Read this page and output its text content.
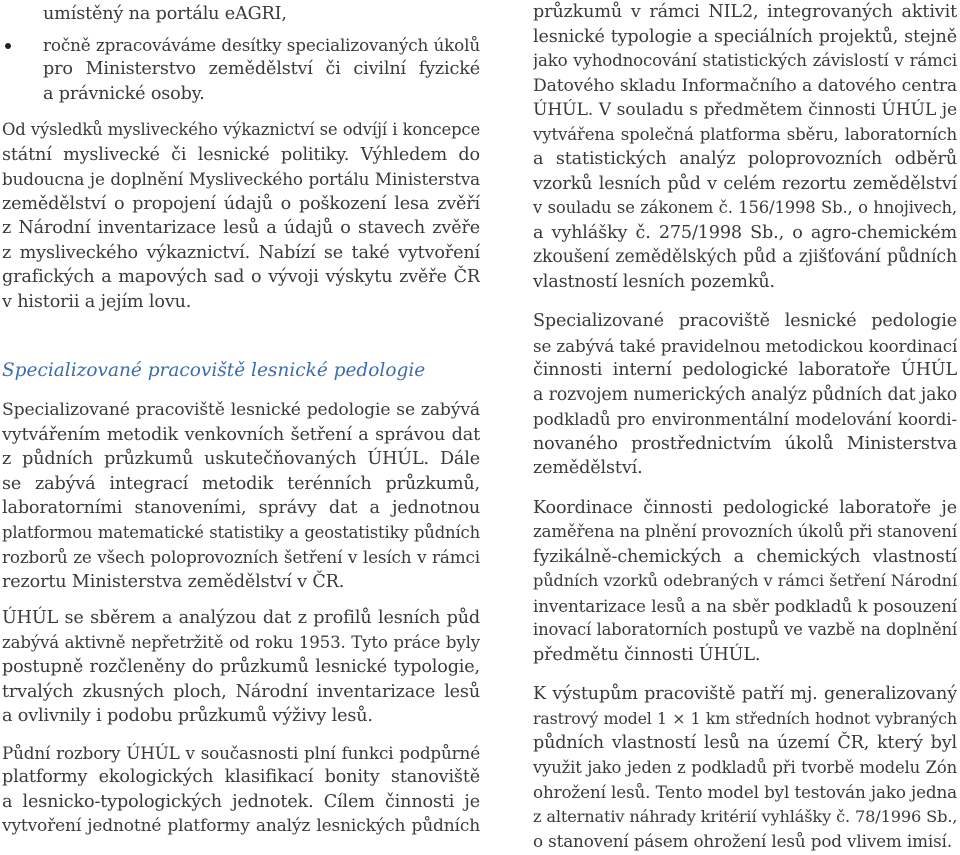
umístěný na portálu eAGRI,
ročně zpracováváme desítky specializovaných úkolů
pro Ministerstvo zemědělství či civilní fyzické
a právnické osoby.
Od výsledků mysliveckého výkaznictví se odvíjí i koncepce
státní myslivecké či lesnické politiky. Výhledem do
budoucna je doplnění Mysliveckého portálu Ministerstva
zemědělství o propojení údajů o poškození lesa zvěří
z Národní inventarizace lesů a údajů o stavech zvěře
z mysliveckého výkaznictví. Nabízí se také vytvoření
grafických a mapových sad o vývoji výskytu zvěře ČR
v historii a jejím lovu.
Specializované pracoviště lesnické pedologie
Specializované pracoviště lesnické pedologie se zabývá
vytvářením metodik venkovních šetření a správou dat
z půdních průzkumů uskutečňovaných ÚHÚL. Dále
se zabývá integrací metodik terénních průzkumů,
laboratorními stanoveními, správy dat a jednotnou
platformou matematické statistiky a geostatistiky půdních
rozborů ze všech poloprovozních šetření v lesích v rámci
rezortu Ministerstva zemědělství v ČR.
ÚHÚL se sběrem a analýzou dat z profilů lesních půd
zabývá aktivně nepřetržitě od roku 1953. Tyto práce byly
postupně rozčleněny do průzkumů lesnické typologie,
trvalých zkusných ploch, Národní inventarizace lesů
a ovlivnily i podobu průzkumů výživy lesů.
Půdní rozbory ÚHÚL v současnosti plní funkci podpůrné
platformy ekologických klasifikací bonity stanoviště
a lesnicko-typologických jednotek. Cílem činnosti je
vytvoření jednotné platformy analýz lesnických půdních
průzkumů v rámci NIL2, integrovaných aktivit
lesnické typologie a speciálních projektů, stejně
jako vyhodnocování statistických závislostí v rámci
Datového skladu Informačního a datového centra
ÚHÚL. V souladu s předmětem činnosti ÚHÚL je
vytvářena společná platforma sběru, laboratorních
a statistických analýz poloprovozních odběrů
vzorků lesních půd v celém rezortu zemědělství
v souladu se zákonem č. 156/1998 Sb., o hnojivech,
a vyhlášky č. 275/1998 Sb., o agro-chemickém
zkoušení zemědělských půd a zjišťování půdních
vlastností lesních pozemků.
Specializované pracoviště lesnické pedologie
se zabývá také pravidelnou metodickou koordinací
činnosti interní pedologické laboratoře ÚHÚL
a rozvojem numerických analýz půdních dat jako
podkladů pro environmentální modelování koordi-
novaného prostřednictvím úkolů Ministerstva
zemědělství.
Koordinace činnosti pedologické laboratoře je
zaměřena na plnění provozních úkolů při stanovení
fyzikálně-chemických a chemických vlastností
půdních vzorků odebraných v rámci šetření Národní
inventarizace lesů a na sběr podkladů k posouzení
inovací laboratorních postupů ve vazbě na doplnění
předmětu činnosti ÚHÚL.
K výstupům pracoviště patří mj. generalizovaný
rastrový model 1 × 1 km středních hodnot vybraných
půdních vlastností lesů na území ČR, který byl
využit jako jeden z podkladů při tvorbě modelu Zón
ohrožení lesů. Tento model byl testován jako jedna
z alternativ náhrady kritérií vyhlášky č. 78/1996 Sb.,
o stanovení pásem ohrožení lesů pod vlivem imisí.
